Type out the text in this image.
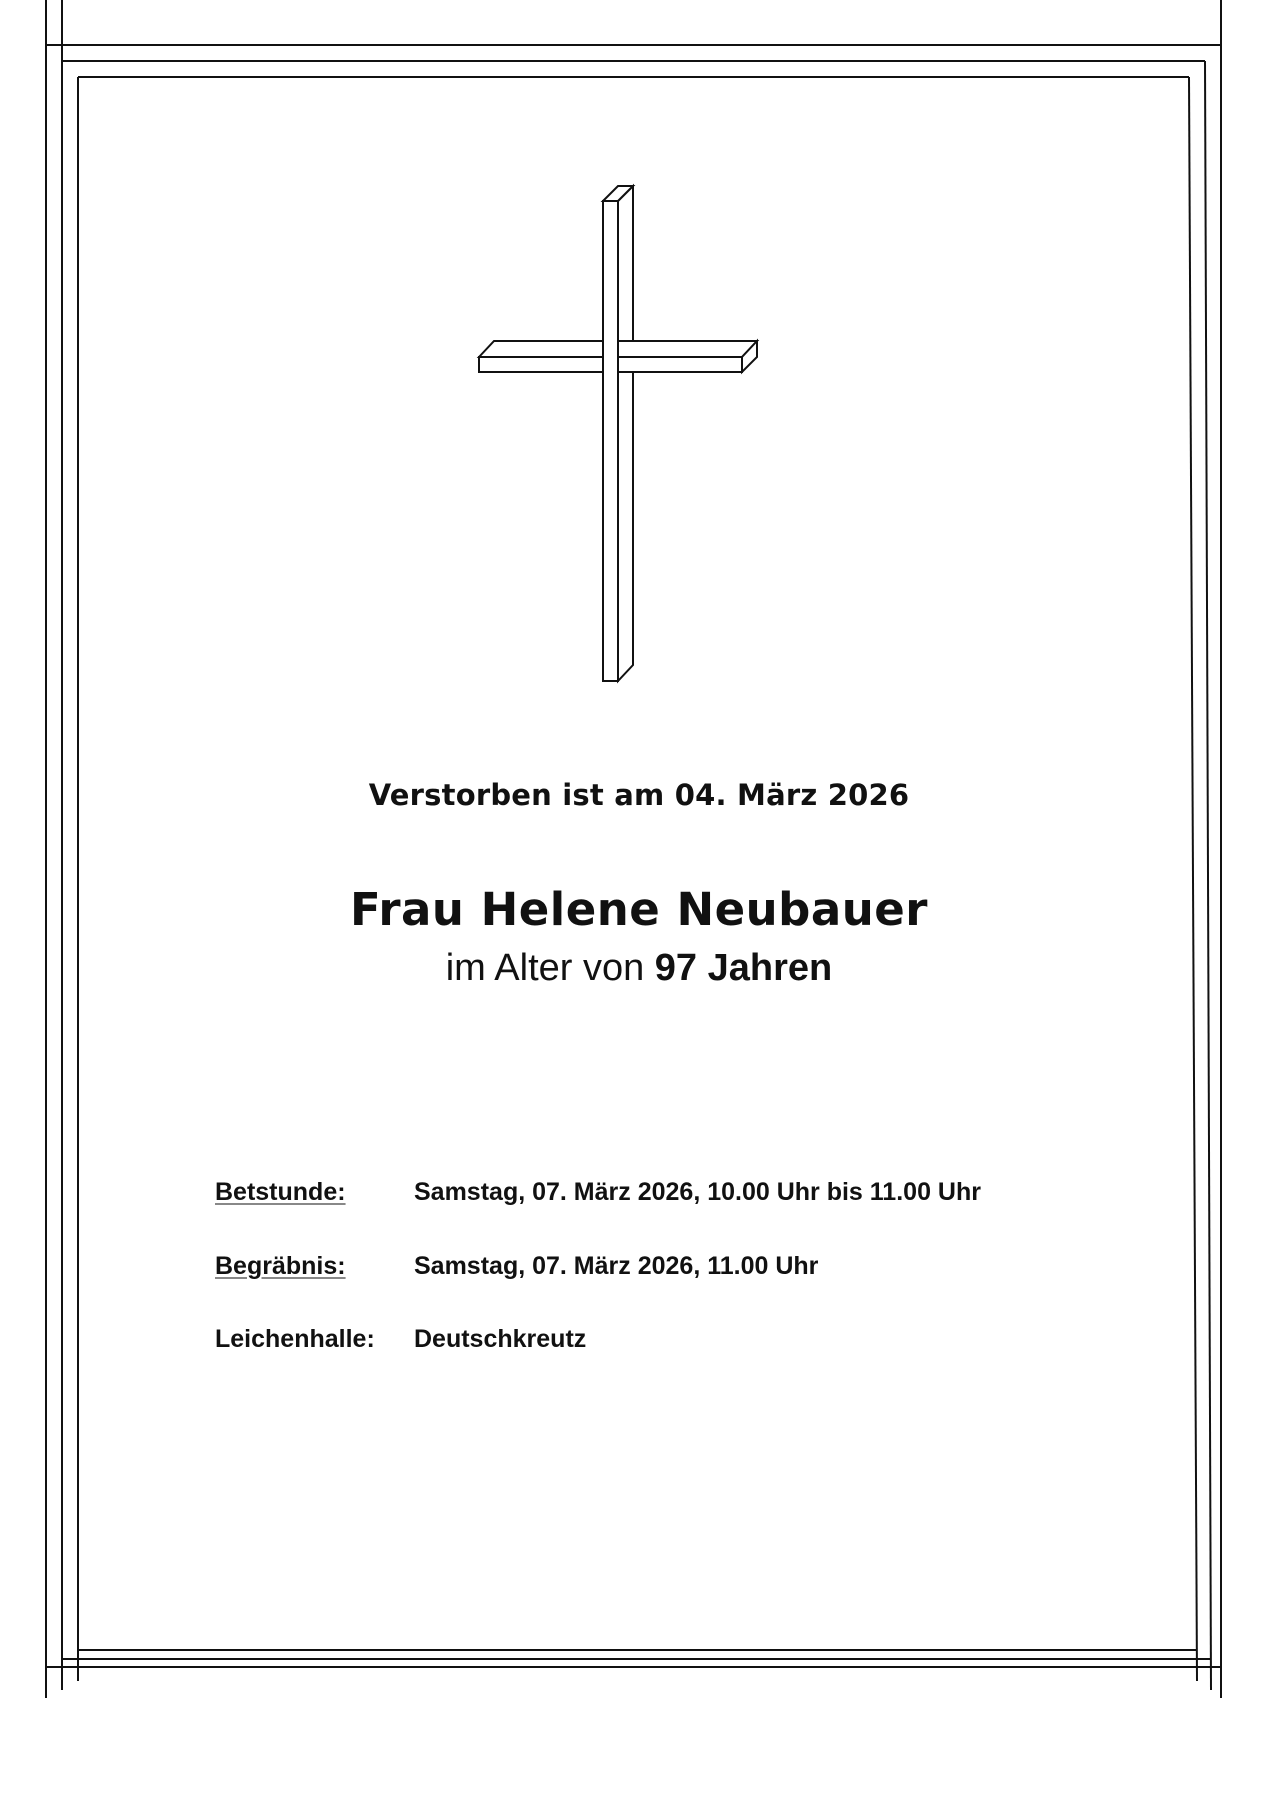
Verstorben ist am 04. März 2026
Frau Helene Neubauer
im Alter von 97 Jahren
Betstunde:	Samstag, 07. März 2026, 10.00 Uhr bis 11.00 Uhr
Begräbnis:	Samstag, 07. März 2026, 11.00 Uhr
Leichenhalle: Deutschkreutz
